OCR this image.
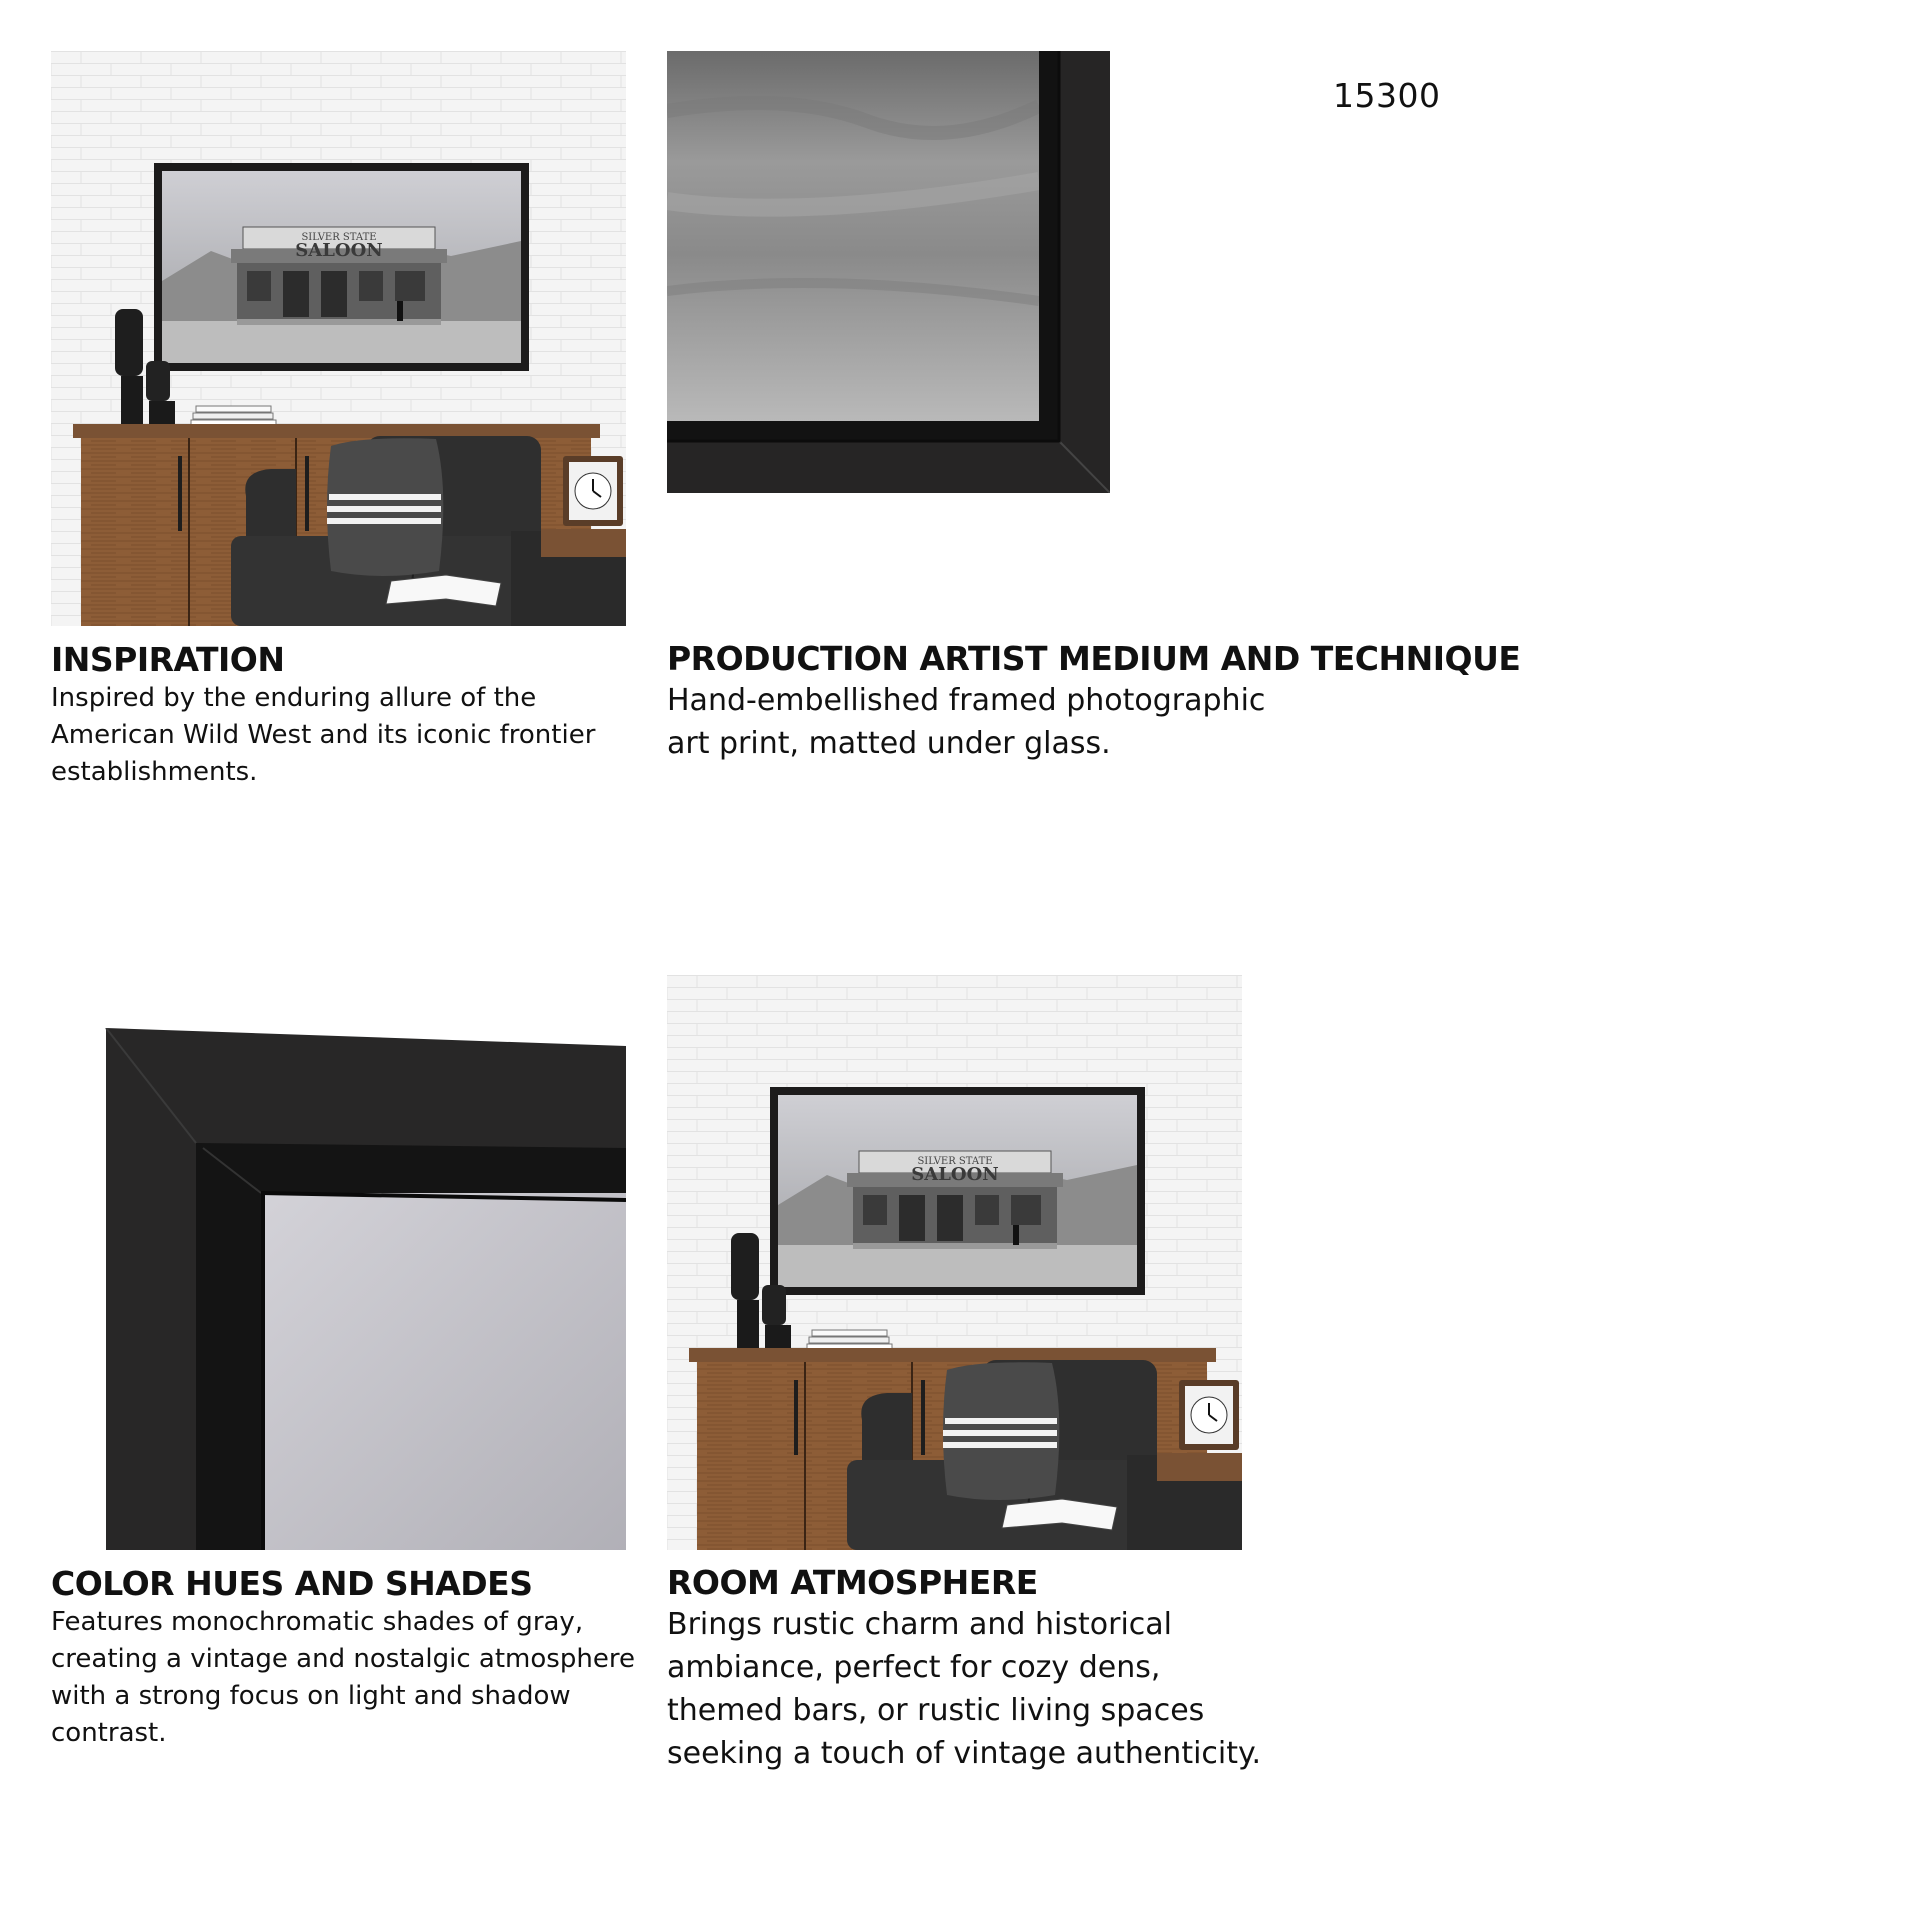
15300
INSPIRATION
Inspired by the enduring allure of the
American Wild West and its iconic frontier
establishments.
PRODUCTION ARTIST MEDIUM AND TECHNIQUE
Hand-embellished framed photographic
art print, matted under glass.
COLOR HUES AND SHADES
Features monochromatic shades of gray,
creating a vintage and nostalgic atmosphere
with a strong focus on light and shadow
contrast.
ROOM ATMOSPHERE
Brings rustic charm and historical
ambiance, perfect for cozy dens,
themed bars, or rustic living spaces
seeking a touch of vintage authenticity.
